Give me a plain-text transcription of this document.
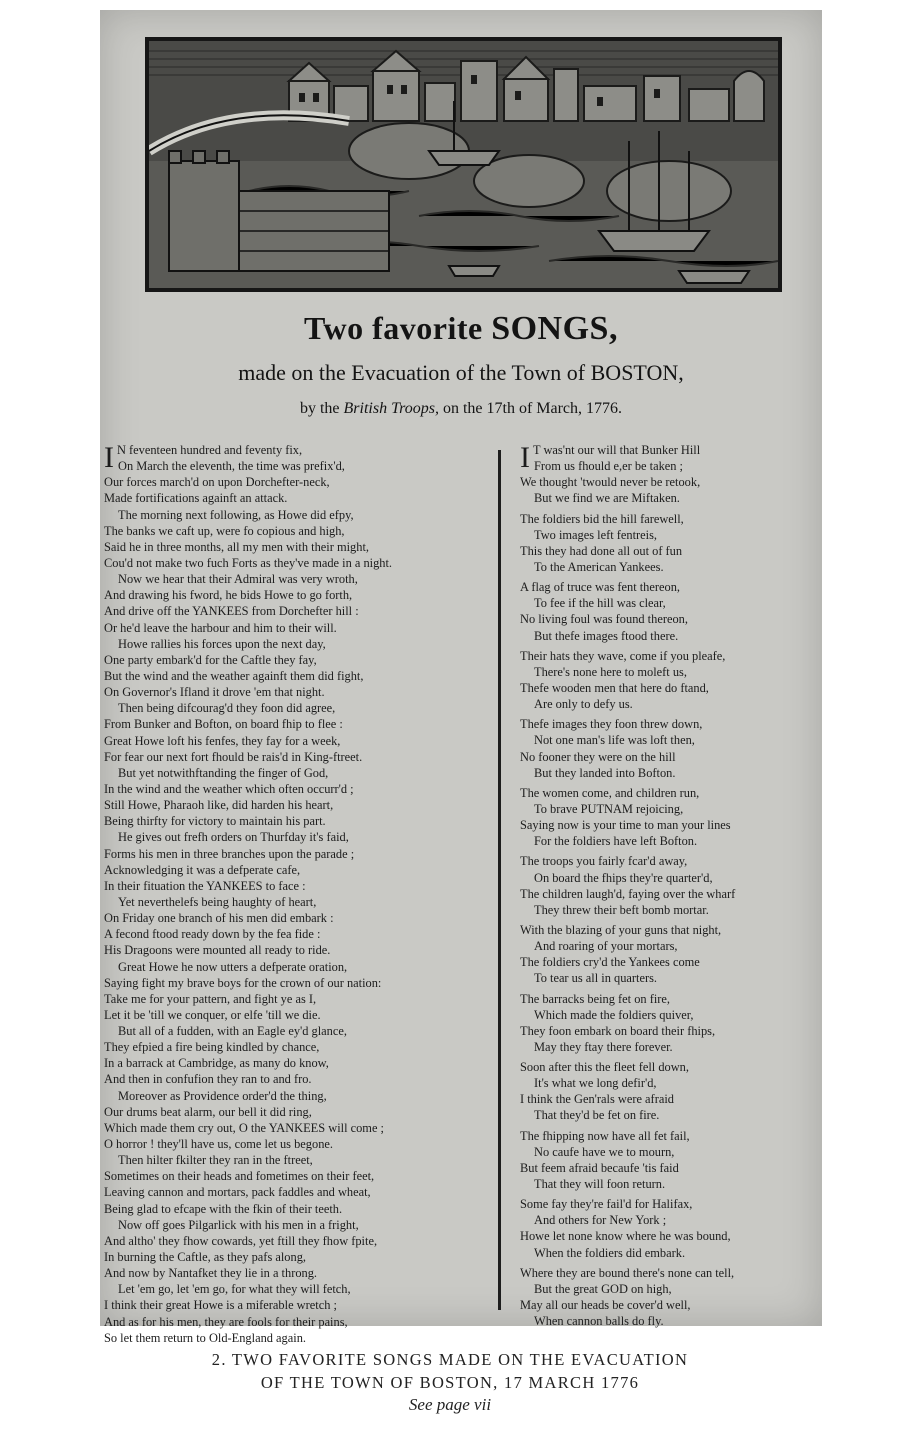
Two favorite SONGS,
made on the Evacuation of the Town of BOSTON,
by the British Troops, on the 17th of March, 1776.
I N feventeen hundred and feventy fix,
On March the eleventh, the time was prefix'd,
Our forces march'd on upon Dorchefter-neck,
Made fortifications againft an attack.
The morning next following, as Howe did efpy,
The banks we caft up, were fo copious and high,
Said he in three months, all my men with their might,
Cou'd not make two fuch Forts as they've made in a night.
Now we hear that their Admiral was very wroth,
And drawing his fword, he bids Howe to go forth,
And drive off the YANKEES from Dorchefter hill :
Or he'd leave the harbour and him to their will.
Howe rallies his forces upon the next day,
One party embark'd for the Caftle they fay,
But the wind and the weather againft them did fight,
On Governor's Ifland it drove 'em that night.
Then being difcourag'd they foon did agree,
From Bunker and Bofton, on board fhip to flee :
Great Howe loft his fenfes, they fay for a week,
For fear our next fort fhould be rais'd in King-ftreet.
But yet notwithftanding the finger of God,
In the wind and the weather which often occurr'd ;
Still Howe, Pharaoh like, did harden his heart,
Being thirfty for victory to maintain his part.
He gives out frefh orders on Thurfday it's faid,
Forms his men in three branches upon the parade ;
Acknowledging it was a defperate cafe,
In their fituation the YANKEES to face :
Yet neverthelefs being haughty of heart,
On Friday one branch of his men did embark :
A fecond ftood ready down by the fea fide :
His Dragoons were mounted all ready to ride.
Great Howe he now utters a defperate oration,
Saying fight my brave boys for the crown of our nation:
Take me for your pattern, and fight ye as I,
Let it be 'till we conquer, or elfe 'till we die.
But all of a fudden, with an Eagle ey'd glance,
They efpied a fire being kindled by chance,
In a barrack at Cambridge, as many do know,
And then in confufion they ran to and fro.
Moreover as Providence order'd the thing,
Our drums beat alarm, our bell it did ring,
Which made them cry out, O the YANKEES will come ;
O horror ! they'll have us, come let us begone.
Then hilter fkilter they ran in the ftreet,
Sometimes on their heads and fometimes on their feet,
Leaving cannon and mortars, pack faddles and wheat,
Being glad to efcape with the fkin of their teeth.
Now off goes Pilgarlick with his men in a fright,
And altho' they fhow cowards, yet ftill they fhow fpite,
In burning the Caftle, as they pafs along,
And now by Nantafket they lie in a throng.
Let 'em go, let 'em go, for what they will fetch,
I think their great Howe is a miferable wretch ;
And as for his men, they are fools for their pains,
So let them return to Old-England again.
I T was'nt our will that Bunker Hill
From us fhould e,er be taken ;
We thought 'twould never be retook,
But we find we are Miftaken.
The foldiers bid the hill farewell,
Two images left fentreis,
This they had done all out of fun
To the American Yankees.
A flag of truce was fent thereon,
To fee if the hill was clear,
No living foul was found thereon,
But thefe images ftood there.
Their hats they wave, come if you pleafe,
There's none here to moleft us,
Thefe wooden men that here do ftand,
Are only to defy us.
Thefe images they foon threw down,
Not one man's life was loft then,
No fooner they were on the hill
But they landed into Bofton.
The women come, and children run,
To brave PUTNAM rejoicing,
Saying now is your time to man your lines
For the foldiers have left Bofton.
The troops you fairly fcar'd away,
On board the fhips they're quarter'd,
The children laugh'd, faying over the wharf
They threw their beft bomb mortar.
With the blazing of your guns that night,
And roaring of your mortars,
The foldiers cry'd the Yankees come
To tear us all in quarters.
The barracks being fet on fire,
Which made the foldiers quiver,
They foon embark on board their fhips,
May they ftay there forever.
Soon after this the fleet fell down,
It's what we long defir'd,
I think the Gen'rals were afraid
That they'd be fet on fire.
The fhipping now have all fet fail,
No caufe have we to mourn,
But feem afraid becaufe 'tis faid
That they will foon return.
Some fay they're fail'd for Halifax,
And others for New York ;
Howe let none know where he was bound,
When the foldiers did embark.
Where they are bound there's none can tell,
But the great GOD on high,
May all our heads be cover'd well,
When cannon balls do fly.
2. TWO FAVORITE SONGS MADE ON THE EVACUATION
OF THE TOWN OF BOSTON, 17 MARCH 1776
See page vii
